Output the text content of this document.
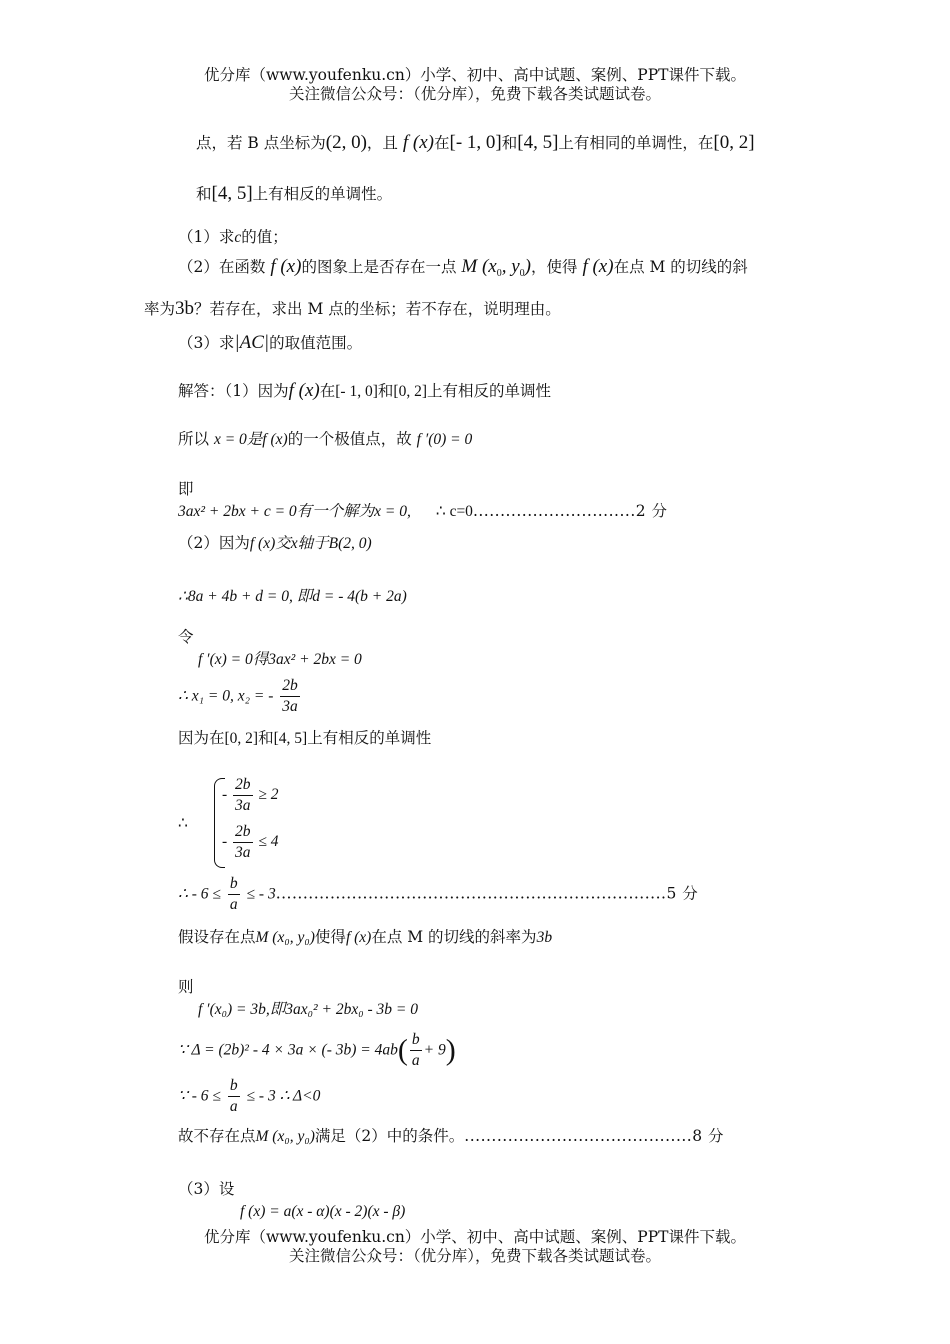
优分库（www.youfenku.cn）小学、初中、高中试题、案例、PPT课件下载。
关注微信公众号：（优分库），免费下载各类试题试卷。
点，若 B 点坐标为(2, 0)，且 f (x)在[- 1, 0]和[4, 5]上有相同的单调性，在[0, 2]
和[4, 5]上有相反的单调性。
（1）求c的值；
（2）在函数 f (x)的图象上是否存在一点 M ($x_0$, $y_0$)，使得 f (x)在点 M 的切线的斜
率为3b？若存在，求出 M 点的坐标；若不存在，说明理由。
（3）求|AC|的取值范围。
解答：（1）因为f (x)在[- 1, 0]和[0, 2]上有相反的单调性
所以 x = 0是f (x)的一个极值点，故 f ′(0) = 0
即
3ax² + 2bx + c = 0有一个解为x = 0, ∴ c=0..............................2 分
（2）因为f (x)交x轴于B(2, 0)
∴8a + 4b + d = 0, 即d = - 4(b + 2a)
令
f ′(x) = 0得3ax² + 2bx = 0
∴ x₁ = 0, x₂ = - $\frac{2b}{3a}$
因为在[0, 2]和[4, 5]上有相反的单调性
∴
- $\frac{2b}{3a} \ge 2$
- $\frac{2b}{3a} \le 4$
∴ - $6 \le \frac{b}{a}$ ≤ - 3........................................................................5 分
假设存在点M (x₀, y₀)使得f (x)在点 M 的切线的斜率为3b
则
f ′(x₀) = 3b,即3ax₀² + 2bx₀ - 3b = 0
∵ Δ = (2b)² - 4 × 3a × (- $3b) = 4ab( \frac{b}{a} + 9)$
∵ - $6 \le \frac{b}{a}$ ≤ - 3 ∴ Δ<0
故不存在点M (x₀, y₀)满足（2）中的条件。..........................................8 分
（3）设
f (x) = a(x - α)(x - 2)(x - β)
优分库（www.youfenku.cn）小学、初中、高中试题、案例、PPT课件下载。
关注微信公众号：（优分库），免费下载各类试题试卷。
